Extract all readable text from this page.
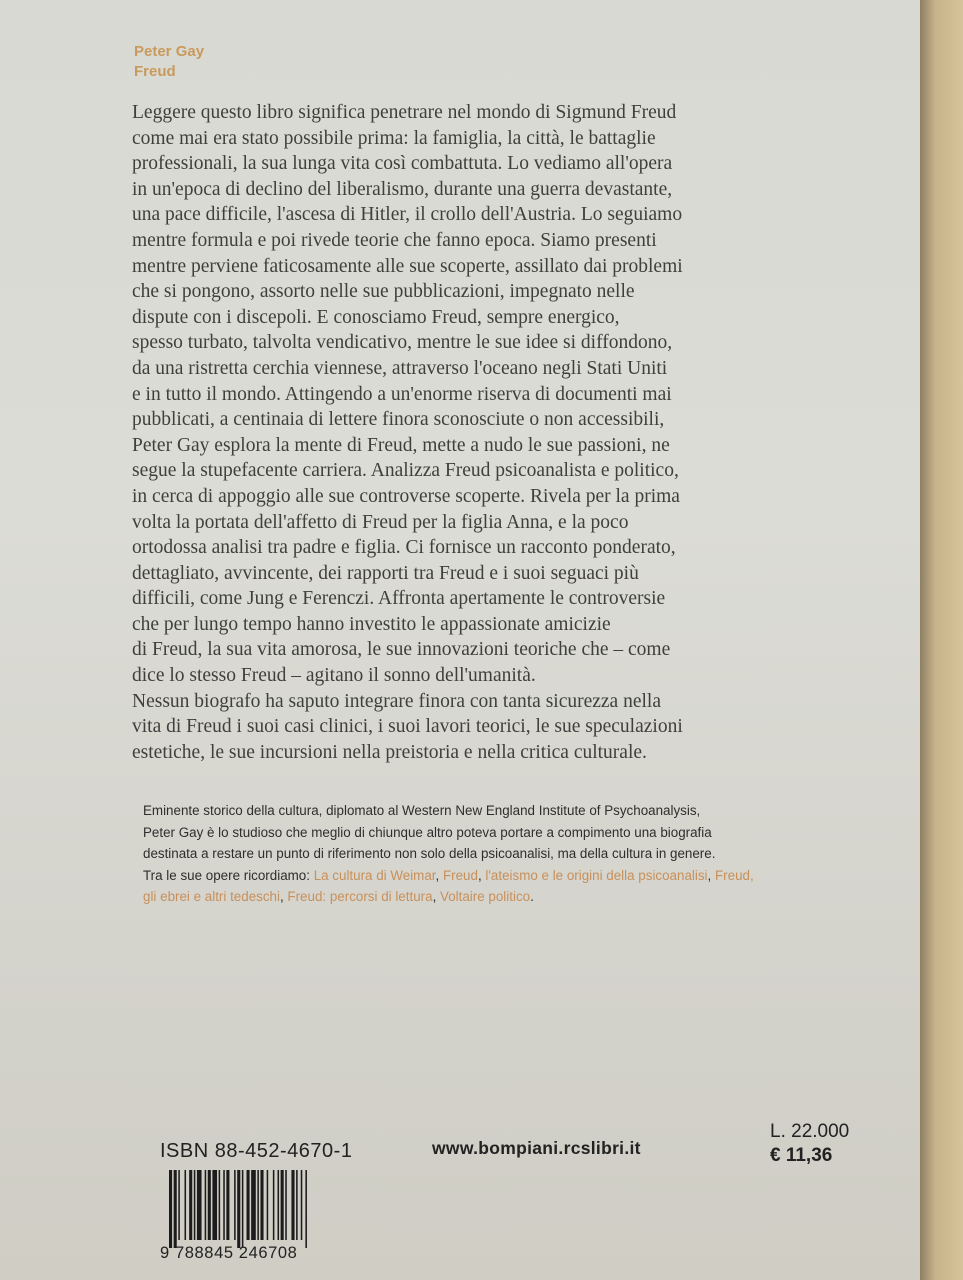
Peter Gay
Freud
Leggere questo libro significa penetrare nel mondo di Sigmund Freud
come mai era stato possibile prima: la famiglia, la città, le battaglie
professionali, la sua lunga vita così combattuta. Lo vediamo all'opera
in un'epoca di declino del liberalismo, durante una guerra devastante,
una pace difficile, l'ascesa di Hitler, il crollo dell'Austria. Lo seguiamo
mentre formula e poi rivede teorie che fanno epoca. Siamo presenti
mentre perviene faticosamente alle sue scoperte, assillato dai problemi
che si pongono, assorto nelle sue pubblicazioni, impegnato nelle
dispute con i discepoli. E conosciamo Freud, sempre energico,
spesso turbato, talvolta vendicativo, mentre le sue idee si diffondono,
da una ristretta cerchia viennese, attraverso l'oceano negli Stati Uniti
e in tutto il mondo. Attingendo a un'enorme riserva di documenti mai
pubblicati, a centinaia di lettere finora sconosciute o non accessibili,
Peter Gay esplora la mente di Freud, mette a nudo le sue passioni, ne
segue la stupefacente carriera. Analizza Freud psicoanalista e politico,
in cerca di appoggio alle sue controverse scoperte. Rivela per la prima
volta la portata dell'affetto di Freud per la figlia Anna, e la poco
ortodossa analisi tra padre e figlia. Ci fornisce un racconto ponderato,
dettagliato, avvincente, dei rapporti tra Freud e i suoi seguaci più
difficili, come Jung e Ferenczi. Affronta apertamente le controversie
che per lungo tempo hanno investito le appassionate amicizie
di Freud, la sua vita amorosa, le sue innovazioni teoriche che – come
dice lo stesso Freud – agitano il sonno dell'umanità.
Nessun biografo ha saputo integrare finora con tanta sicurezza nella
vita di Freud i suoi casi clinici, i suoi lavori teorici, le sue speculazioni
estetiche, le sue incursioni nella preistoria e nella critica culturale.
Eminente storico della cultura, diplomato al Western New England Institute of Psychoanalysis,
Peter Gay è lo studioso che meglio di chiunque altro poteva portare a compimento una biografia
destinata a restare un punto di riferimento non solo della psicoanalisi, ma della cultura in genere.
Tra le sue opere ricordiamo: La cultura di Weimar, Freud, l'ateismo e le origini della psicoanalisi, Freud,
gli ebrei e altri tedeschi, Freud: percorsi di lettura, Voltaire politico.
ISBN 88-452-4670-1
9 788845 246708
www.bompiani.rcslibri.it
L. 22.000
€ 11,36
